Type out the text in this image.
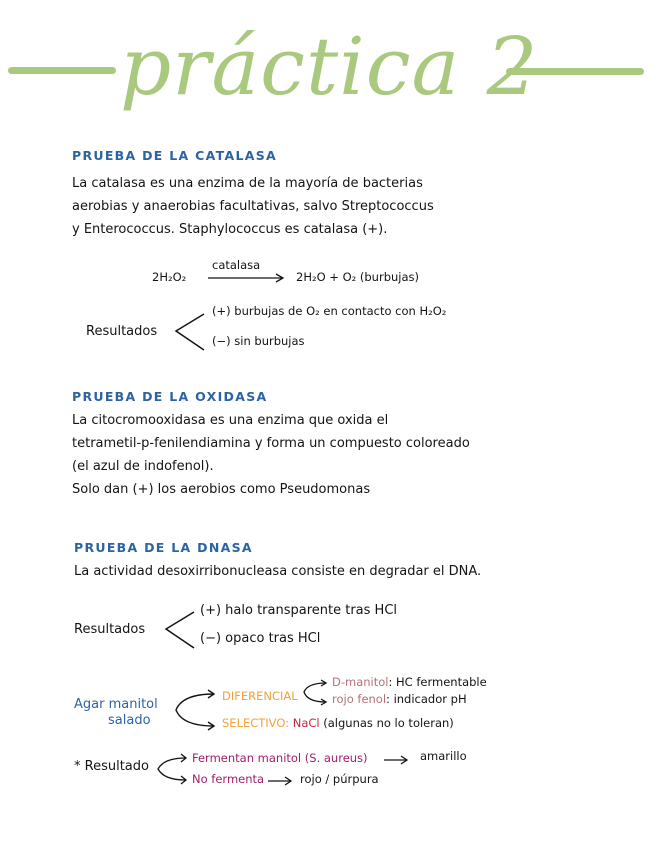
práctica 2
PRUEBA DE LA CATALASA
La catalasa es una enzima de la mayoría de bacterias
aerobias y anaerobias facultativas, salvo Streptococcus
y Enterococcus. Staphylococcus es catalasa (+).
2H₂O₂
catalasa
2H₂O + O₂ (burbujas)
Resultados
(+) burbujas de O₂ en contacto con H₂O₂
(−) sin burbujas
PRUEBA DE LA OXIDASA
La citocromooxidasa es una enzima que oxida el
tetrametil-p-fenilendiamina y forma un compuesto coloreado
(el azul de indofenol).
Solo dan (+) los aerobios como Pseudomonas
PRUEBA DE LA DNASA
La actividad desoxirribonucleasa consiste en degradar el DNA.
Resultados
(+) halo transparente tras HCl
(−) opaco tras HCl
Agar manitol
salado
DIFERENCIAL
D-manitol: HC fermentable
rojo fenol: indicador pH
SELECTIVO: NaCl (algunas no lo toleran)
* Resultado
Fermentan manitol (S. aureus)	amarillo
No fermenta	rojo / púrpura
